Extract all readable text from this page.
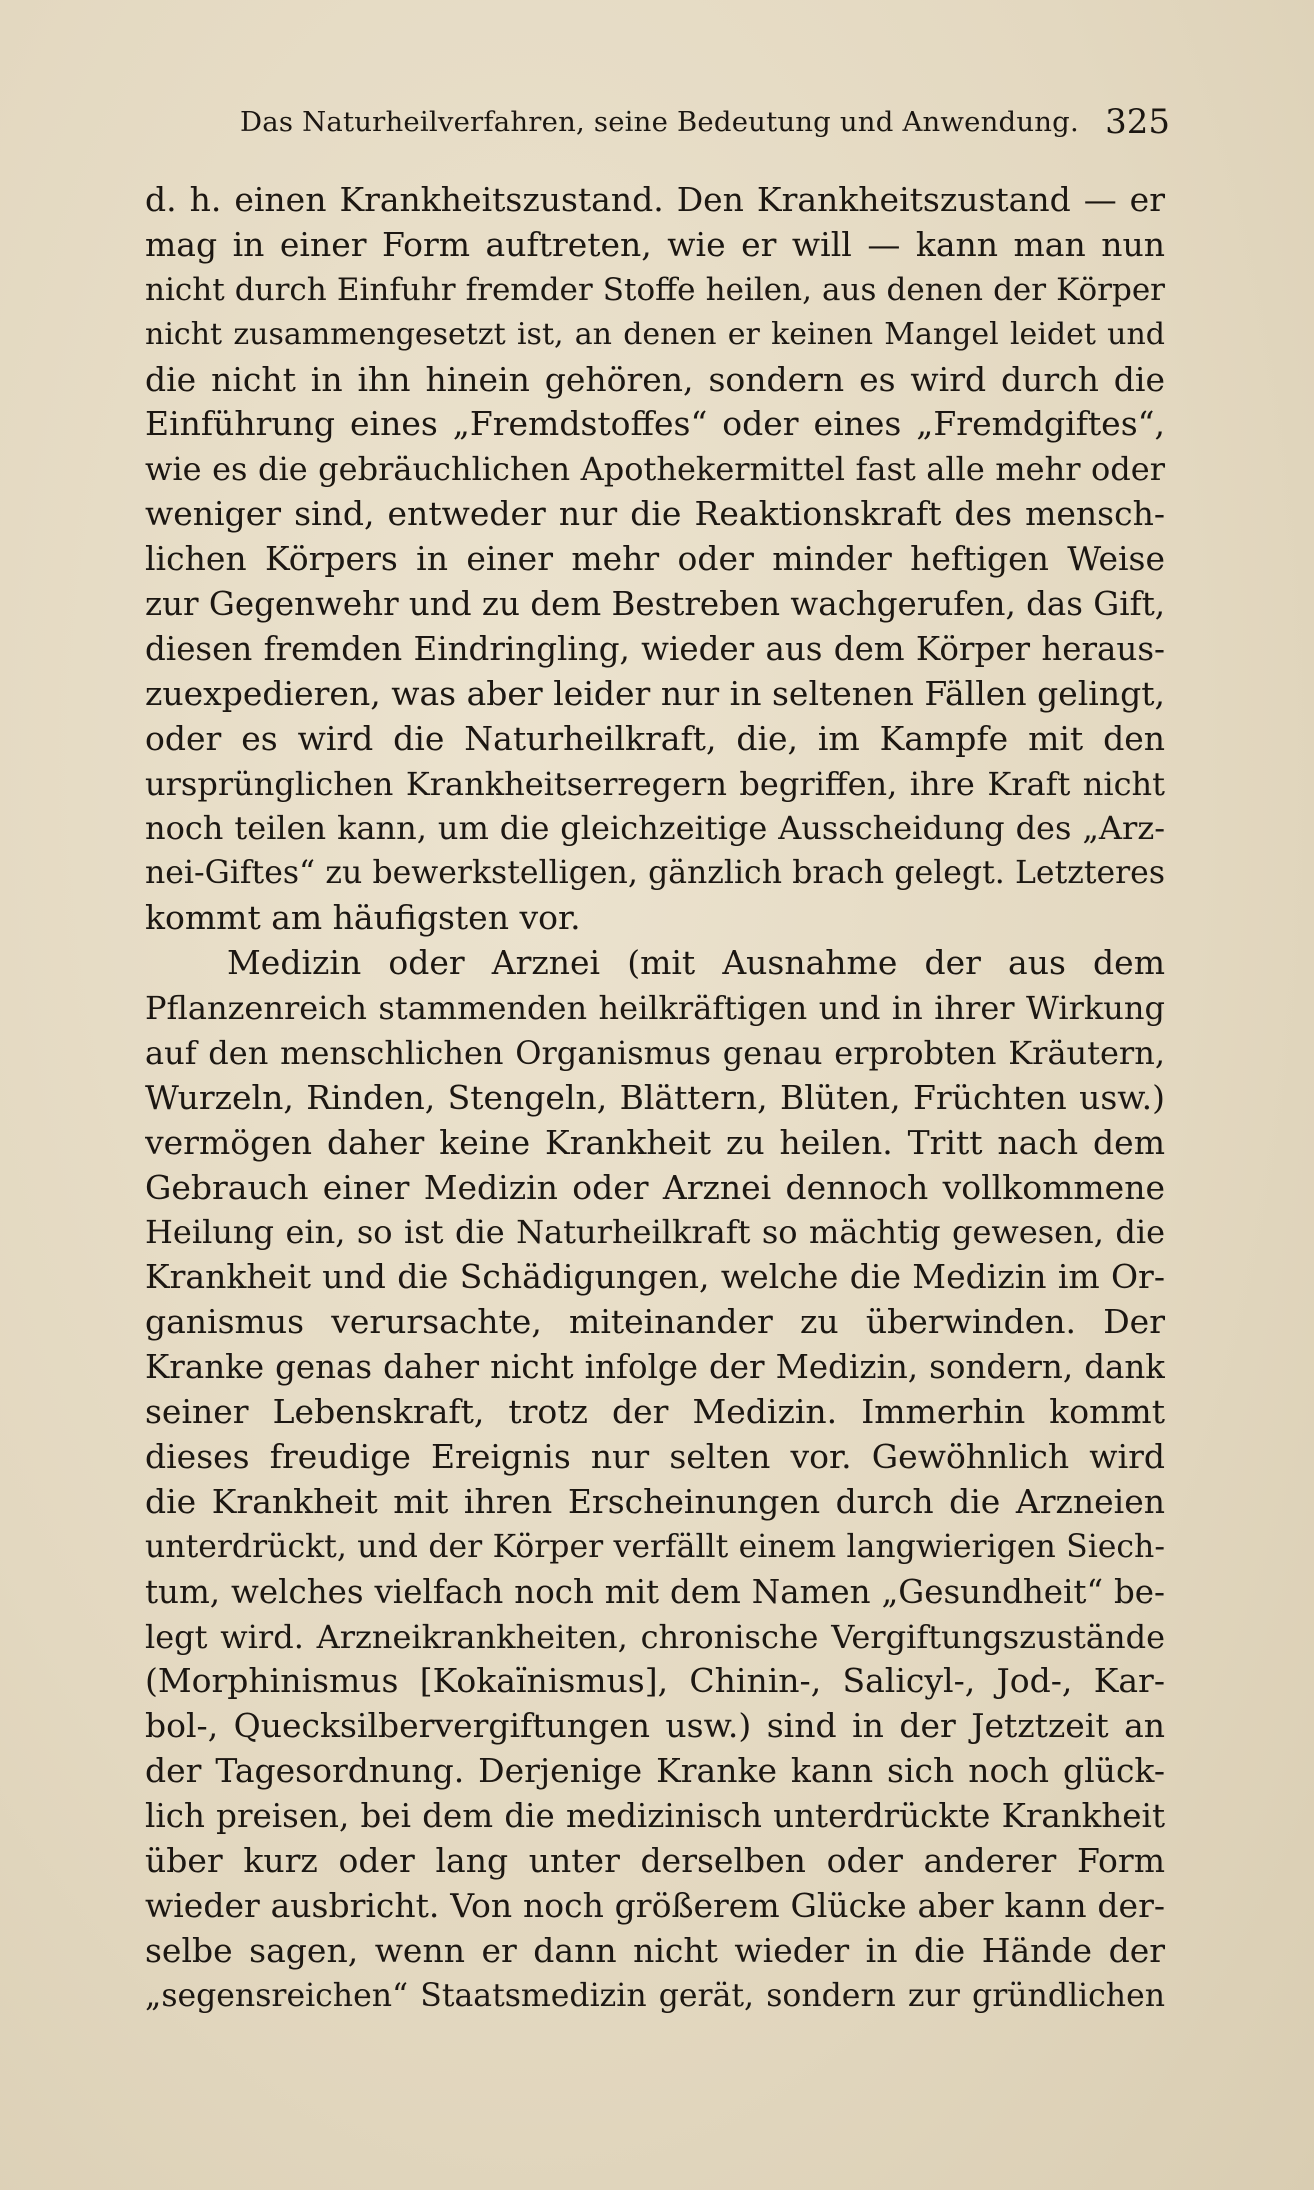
Das Naturheilverfahren, seine Bedeutung und Anwendung. 325
d. h. einen Krankheitszustand. Den Krankheitszustand — er
mag in einer Form auftreten, wie er will — kann man nun
nicht durch Einfuhr fremder Stoffe heilen, aus denen der Körper
nicht zusammengesetzt ist, an denen er keinen Mangel leidet und
die nicht in ihn hinein gehören, sondern es wird durch die
Einführung eines „Fremdstoffes“ oder eines „Fremdgiftes“,
wie es die gebräuchlichen Apothekermittel fast alle mehr oder
weniger sind, entweder nur die Reaktionskraft des mensch-
lichen Körpers in einer mehr oder minder heftigen Weise
zur Gegenwehr und zu dem Bestreben wachgerufen, das Gift,
diesen fremden Eindringling, wieder aus dem Körper heraus-
zuexpedieren, was aber leider nur in seltenen Fällen gelingt,
oder es wird die Naturheilkraft, die, im Kampfe mit den
ursprünglichen Krankheitserregern begriffen, ihre Kraft nicht
noch teilen kann, um die gleichzeitige Ausscheidung des „Arz-
nei-Giftes“ zu bewerkstelligen, gänzlich brach gelegt. Letzteres
kommt am häufigsten vor.
Medizin oder Arznei (mit Ausnahme der aus dem
Pflanzenreich stammenden heilkräftigen und in ihrer Wirkung
auf den menschlichen Organismus genau erprobten Kräutern,
Wurzeln, Rinden, Stengeln, Blättern, Blüten, Früchten usw.)
vermögen daher keine Krankheit zu heilen. Tritt nach dem
Gebrauch einer Medizin oder Arznei dennoch vollkommene
Heilung ein, so ist die Naturheilkraft so mächtig gewesen, die
Krankheit und die Schädigungen, welche die Medizin im Or-
ganismus verursachte, miteinander zu überwinden. Der
Kranke genas daher nicht infolge der Medizin, sondern, dank
seiner Lebenskraft, trotz der Medizin. Immerhin kommt
dieses freudige Ereignis nur selten vor. Gewöhnlich wird
die Krankheit mit ihren Erscheinungen durch die Arzneien
unterdrückt, und der Körper verfällt einem langwierigen Siech-
tum, welches vielfach noch mit dem Namen „Gesundheit“ be-
legt wird. Arzneikrankheiten, chronische Vergiftungszustände
(Morphinismus [Kokaïnismus], Chinin-, Salicyl-, Jod-, Kar-
bol-, Quecksilbervergiftungen usw.) sind in der Jetztzeit an
der Tagesordnung. Derjenige Kranke kann sich noch glück-
lich preisen, bei dem die medizinisch unterdrückte Krankheit
über kurz oder lang unter derselben oder anderer Form
wieder ausbricht. Von noch größerem Glücke aber kann der-
selbe sagen, wenn er dann nicht wieder in die Hände der
„segensreichen“ Staatsmedizin gerät, sondern zur gründlichen
